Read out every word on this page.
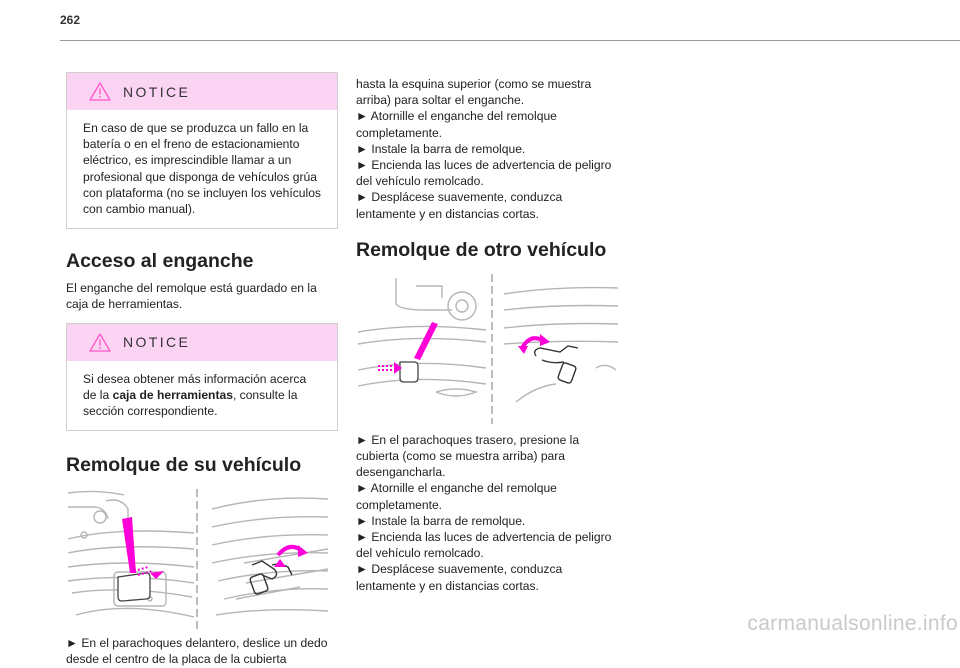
262
NOTICE

En caso de que se produzca un fallo en la batería o en el freno de estacionamiento eléctrico, es imprescindible llamar a un profesional que disponga de vehículos grúa con plataforma (no se incluyen los vehículos con cambio manual).

Acceso al enganche

El enganche del remolque está guardado en la caja de herramientas.

NOTICE

Si desea obtener más información acerca de la caja de herramientas, consulte la sección correspondiente.

Remolque de su vehículo

► En el parachoques delantero, deslice un dedo desde el centro de la placa de la cubierta

hasta la esquina superior (como se muestra arriba) para soltar el enganche.

► Atornille el enganche del remolque completamente.

► Instale la barra de remolque.

► Encienda las luces de advertencia de peligro del vehículo remolcado.

► Desplácese suavemente, conduzca lentamente y en distancias cortas.

Remolque de otro vehículo

► En el parachoques trasero, presione la cubierta (como se muestra arriba) para desengancharla.

► Atornille el enganche del remolque completamente.

► Instale la barra de remolque.

► Encienda las luces de advertencia de peligro del vehículo remolcado.

► Desplácese suavemente, conduzca lentamente y en distancias cortas.

carmanualsonline.info
